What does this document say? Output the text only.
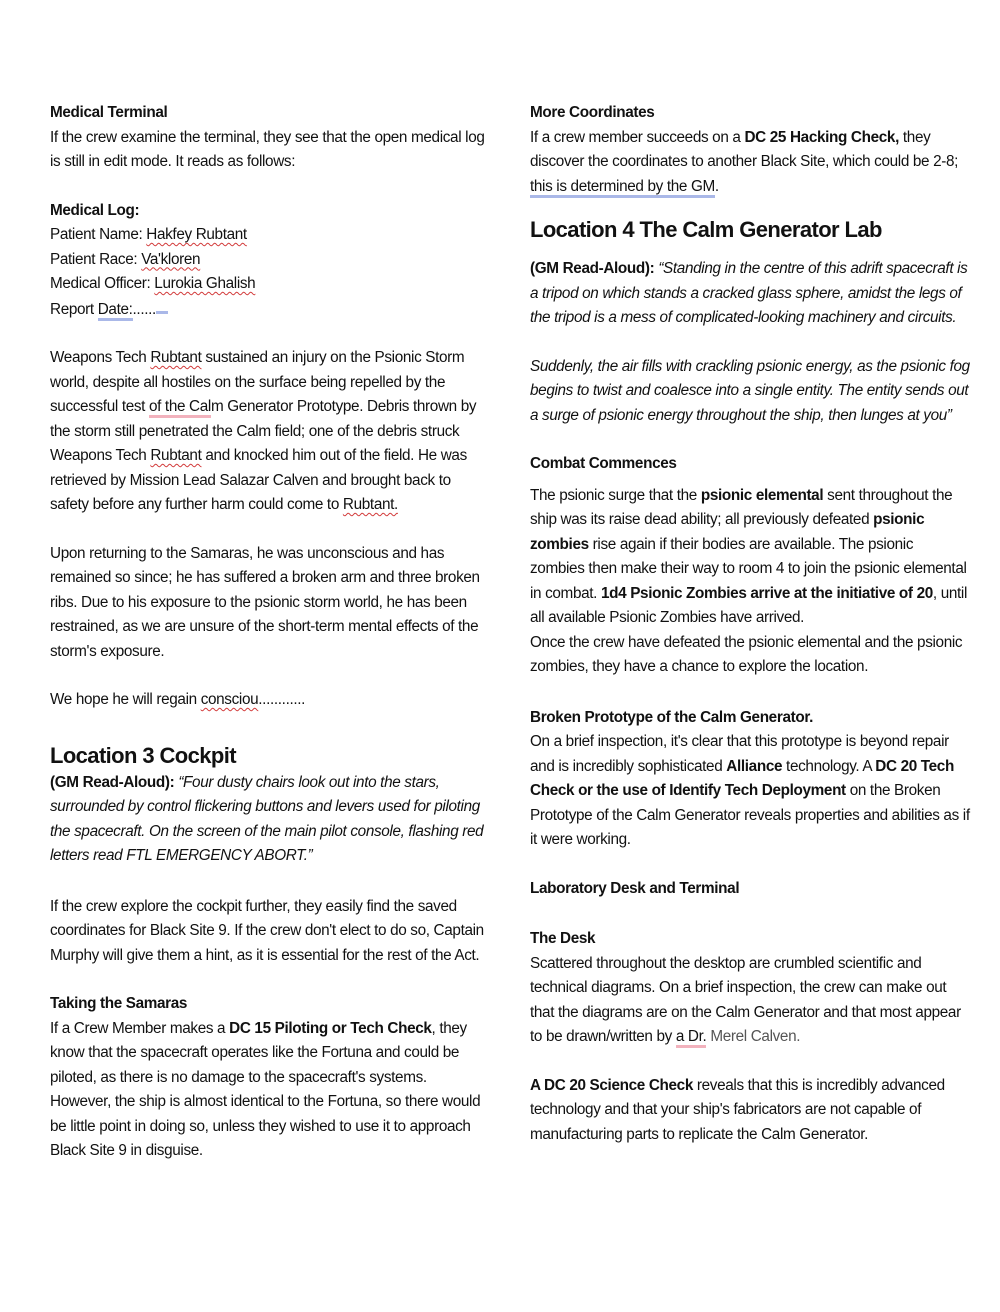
Medical Terminal

If the crew examine the terminal, they see that the open medical log is still in edit mode. It reads as follows:

Medical Log:

Patient Name: Hakfey Rubtant

Patient Race: Va'kloren

Medical Officer: Lurokia Ghalish

Report Date:......

Weapons Tech Rubtant sustained an injury on the Psionic Storm world, despite all hostiles on the surface being repelled by the successful test of the Calm Generator Prototype. Debris thrown by the storm still penetrated the Calm field; one of the debris struck Weapons Tech Rubtant and knocked him out of the field. He was retrieved by Mission Lead Salazar Calven and brought back to safety before any further harm could come to Rubtant.

Upon returning to the Samaras, he was unconscious and has remained so since; he has suffered a broken arm and three broken ribs. Due to his exposure to the psionic storm world, he has been restrained, as we are unsure of the short-term mental effects of the storm's exposure.

We hope he will regain consciou............

Location 3 Cockpit

(GM Read-Aloud): “Four dusty chairs look out into the stars, surrounded by control flickering buttons and levers used for piloting the spacecraft. On the screen of the main pilot console, flashing red letters read FTL EMERGENCY ABORT.”

If the crew explore the cockpit further, they easily find the saved coordinates for Black Site 9. If the crew don't elect to do so, Captain Murphy will give them a hint, as it is essential for the rest of the Act.

Taking the Samaras

If a Crew Member makes a DC 15 Piloting or Tech Check, they know that the spacecraft operates like the Fortuna and could be piloted, as there is no damage to the spacecraft's systems. However, the ship is almost identical to the Fortuna, so there would be little point in doing so, unless they wished to use it to approach Black Site 9 in disguise.

More Coordinates

If a crew member succeeds on a DC 25 Hacking Check, they discover the coordinates to another Black Site, which could be 2-8; this is determined by the GM.

Location 4 The Calm Generator Lab

(GM Read-Aloud): “Standing in the centre of this adrift spacecraft is a tripod on which stands a cracked glass sphere, amidst the legs of the tripod is a mess of complicated-looking machinery and circuits.

Suddenly, the air fills with crackling psionic energy, as the psionic fog begins to twist and coalesce into a single entity. The entity sends out a surge of psionic energy throughout the ship, then lunges at you”

Combat Commences

The psionic surge that the psionic elemental sent throughout the ship was its raise dead ability; all previously defeated psionic zombies rise again if their bodies are available. The psionic zombies then make their way to room 4 to join the psionic elemental in combat. 1d4 Psionic Zombies arrive at the initiative of 20, until all available Psionic Zombies have arrived.

Once the crew have defeated the psionic elemental and the psionic zombies, they have a chance to explore the location.

Broken Prototype of the Calm Generator.

On a brief inspection, it's clear that this prototype is beyond repair and is incredibly sophisticated Alliance technology. A DC 20 Tech Check or the use of Identify Tech Deployment on the Broken Prototype of the Calm Generator reveals properties and abilities as if it were working.

Laboratory Desk and Terminal

The Desk

Scattered throughout the desktop are crumbled scientific and technical diagrams. On a brief inspection, the crew can make out that the diagrams are on the Calm Generator and that most appear to be drawn/written by a Dr. Merel Calven.

A DC 20 Science Check reveals that this is incredibly advanced technology and that your ship's fabricators are not capable of manufacturing parts to replicate the Calm Generator.
